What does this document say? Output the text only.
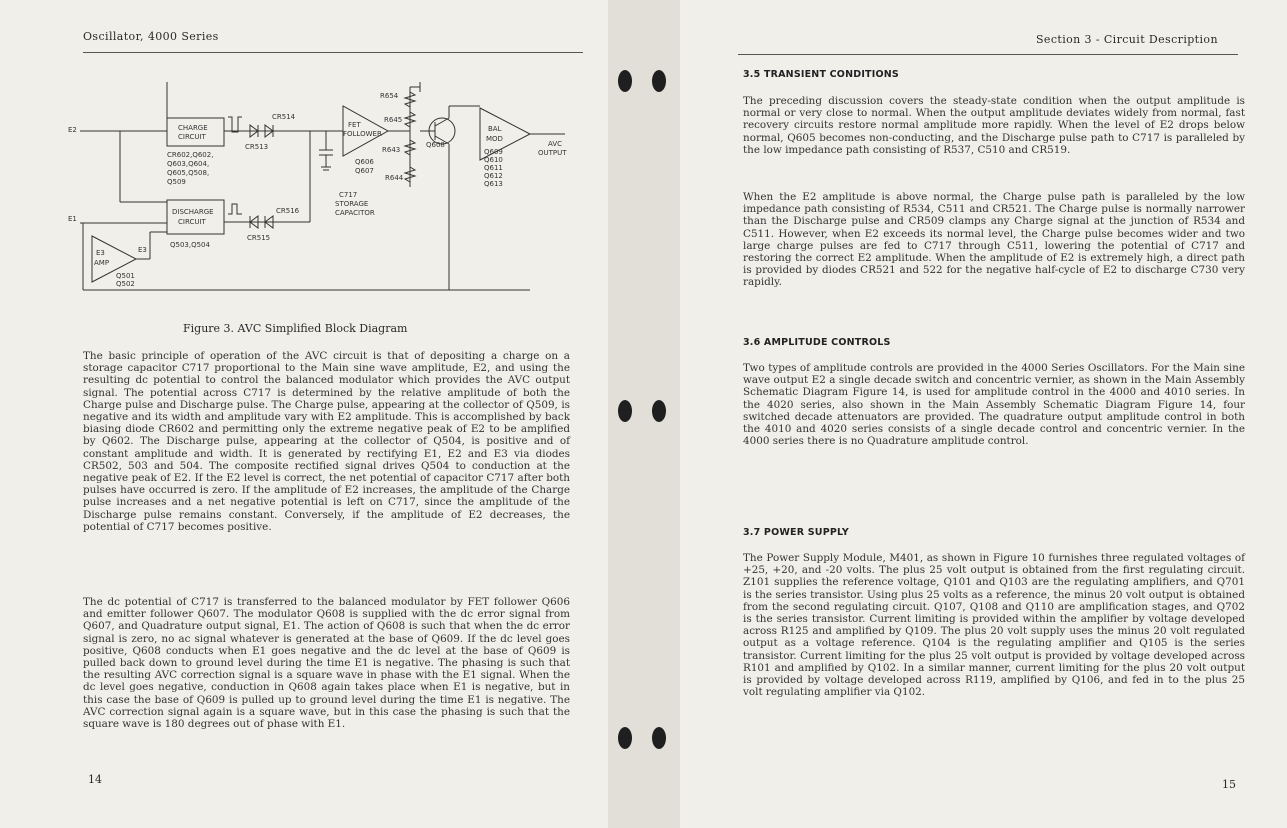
Oscillator, 4000 Series
E2
E1
CHARGE
CIRCUIT
CR602,Q602,
Q603,Q604,
Q605,Q508,
Q509
CR514
CR513
DISCHARGE
CIRCUIT
CR516
CR515
Q503,Q504
E3
E3
AMP
Q501
Q502
R654
R645
R643
R644
FET
FOLLOWER
Q606
Q607
C717
STORAGE
CAPACITOR
Q608
BAL
MOD
Q609
Q610
Q611
Q612
Q613
AVC
OUTPUT
Figure 3. AVC Simplified Block Diagram

The basic principle of operation of the AVC circuit is that of depositing a charge on a storage capacitor C717 proportional to the Main sine wave amplitude, E2, and using the resulting dc potential to control the balanced modulator which provides the AVC output signal. The potential across C717 is determined by the relative amplitude of both the Charge pulse and Discharge pulse. The Charge pulse, appearing at the collector of Q509, is negative and its width and amplitude vary with E2 amplitude. This is accomplished by back biasing diode CR602 and permitting only the extreme negative peak of E2 to be amplified by Q602. The Discharge pulse, appearing at the collector of Q504, is positive and of constant amplitude and width. It is generated by rectifying E1, E2 and E3 via diodes CR502, 503 and 504. The composite rectified signal drives Q504 to conduction at the negative peak of E2. If the E2 level is correct, the net potential of capacitor C717 after both pulses have occurred is zero. If the amplitude of E2 increases, the amplitude of the Charge pulse increases and a net negative potential is left on C717, since the amplitude of the Discharge pulse remains constant. Conversely, if the amplitude of E2 decreases, the potential of C717 becomes positive.

The dc potential of C717 is transferred to the balanced modulator by FET follower Q606 and emitter follower Q607. The modulator Q608 is supplied with the dc error signal from Q607, and Quadrature output signal, E1. The action of Q608 is such that when the dc error signal is zero, no ac signal whatever is generated at the base of Q609. If the dc level goes positive, Q608 conducts when E1 goes negative and the dc level at the base of Q609 is pulled back down to ground level during the time E1 is negative. The phasing is such that the resulting AVC correction signal is a square wave in phase with the E1 signal. When the dc level goes negative, conduction in Q608 again takes place when E1 is negative, but in this case the base of Q609 is pulled up to ground level during the time E1 is negative. The AVC correction signal again is a square wave, but in this case the phasing is such that the square wave is 180 degrees out of phase with E1.

14
Section 3 - Circuit Description
3.5 TRANSIENT CONDITIONS

The preceding discussion covers the steady-state condition when the output amplitude is normal or very close to normal. When the output amplitude deviates widely from normal, fast recovery circuits restore normal amplitude more rapidly. When the level of E2 drops below normal, Q605 becomes non-conducting, and the Discharge pulse path to C717 is paralleled by the low impedance path consisting of R537, C510 and CR519.

When the E2 amplitude is above normal, the Charge pulse path is paralleled by the low impedance path consisting of R534, C511 and CR521. The Charge pulse is normally narrower than the Discharge pulse and CR509 clamps any Charge signal at the junction of R534 and C511. However, when E2 exceeds its normal level, the Charge pulse becomes wider and two large charge pulses are fed to C717 through C511, lowering the potential of C717 and restoring the correct E2 amplitude. When the amplitude of E2 is extremely high, a direct path is provided by diodes CR521 and 522 for the negative half-cycle of E2 to discharge C730 very rapidly.

3.6 AMPLITUDE CONTROLS

Two types of amplitude controls are provided in the 4000 Series Oscillators. For the Main sine wave output E2 a single decade switch and concentric vernier, as shown in the Main Assembly Schematic Diagram Figure 14, is used for amplitude control in the 4000 and 4010 series. In the 4020 series, also shown in the Main Assembly Schematic Diagram Figure 14, four switched decade attenuators are provided. The quadrature output amplitude control in both the 4010 and 4020 series consists of a single decade control and concentric vernier. In the 4000 series there is no Quadrature amplitude control.

3.7 POWER SUPPLY

The Power Supply Module, M401, as shown in Figure 10 furnishes three regulated voltages of +25, +20, and -20 volts. The plus 25 volt output is obtained from the first regulating circuit. Z101 supplies the reference voltage, Q101 and Q103 are the regulating amplifiers, and Q701 is the series transistor. Using plus 25 volts as a reference, the minus 20 volt output is obtained from the second regulating circuit. Q107, Q108 and Q110 are amplification stages, and Q702 is the series transistor. Current limiting is provided within the amplifier by voltage developed across R125 and amplified by Q109. The plus 20 volt supply uses the minus 20 volt regulated output as a voltage reference. Q104 is the regulating amplifier and Q105 is the series transistor. Current limiting for the plus 25 volt output is provided by voltage developed across R101 and amplified by Q102. In a similar manner, current limiting for the plus 20 volt output is provided by voltage developed across R119, amplified by Q106, and fed in to the plus 25 volt regulating amplifier via Q102.

15
